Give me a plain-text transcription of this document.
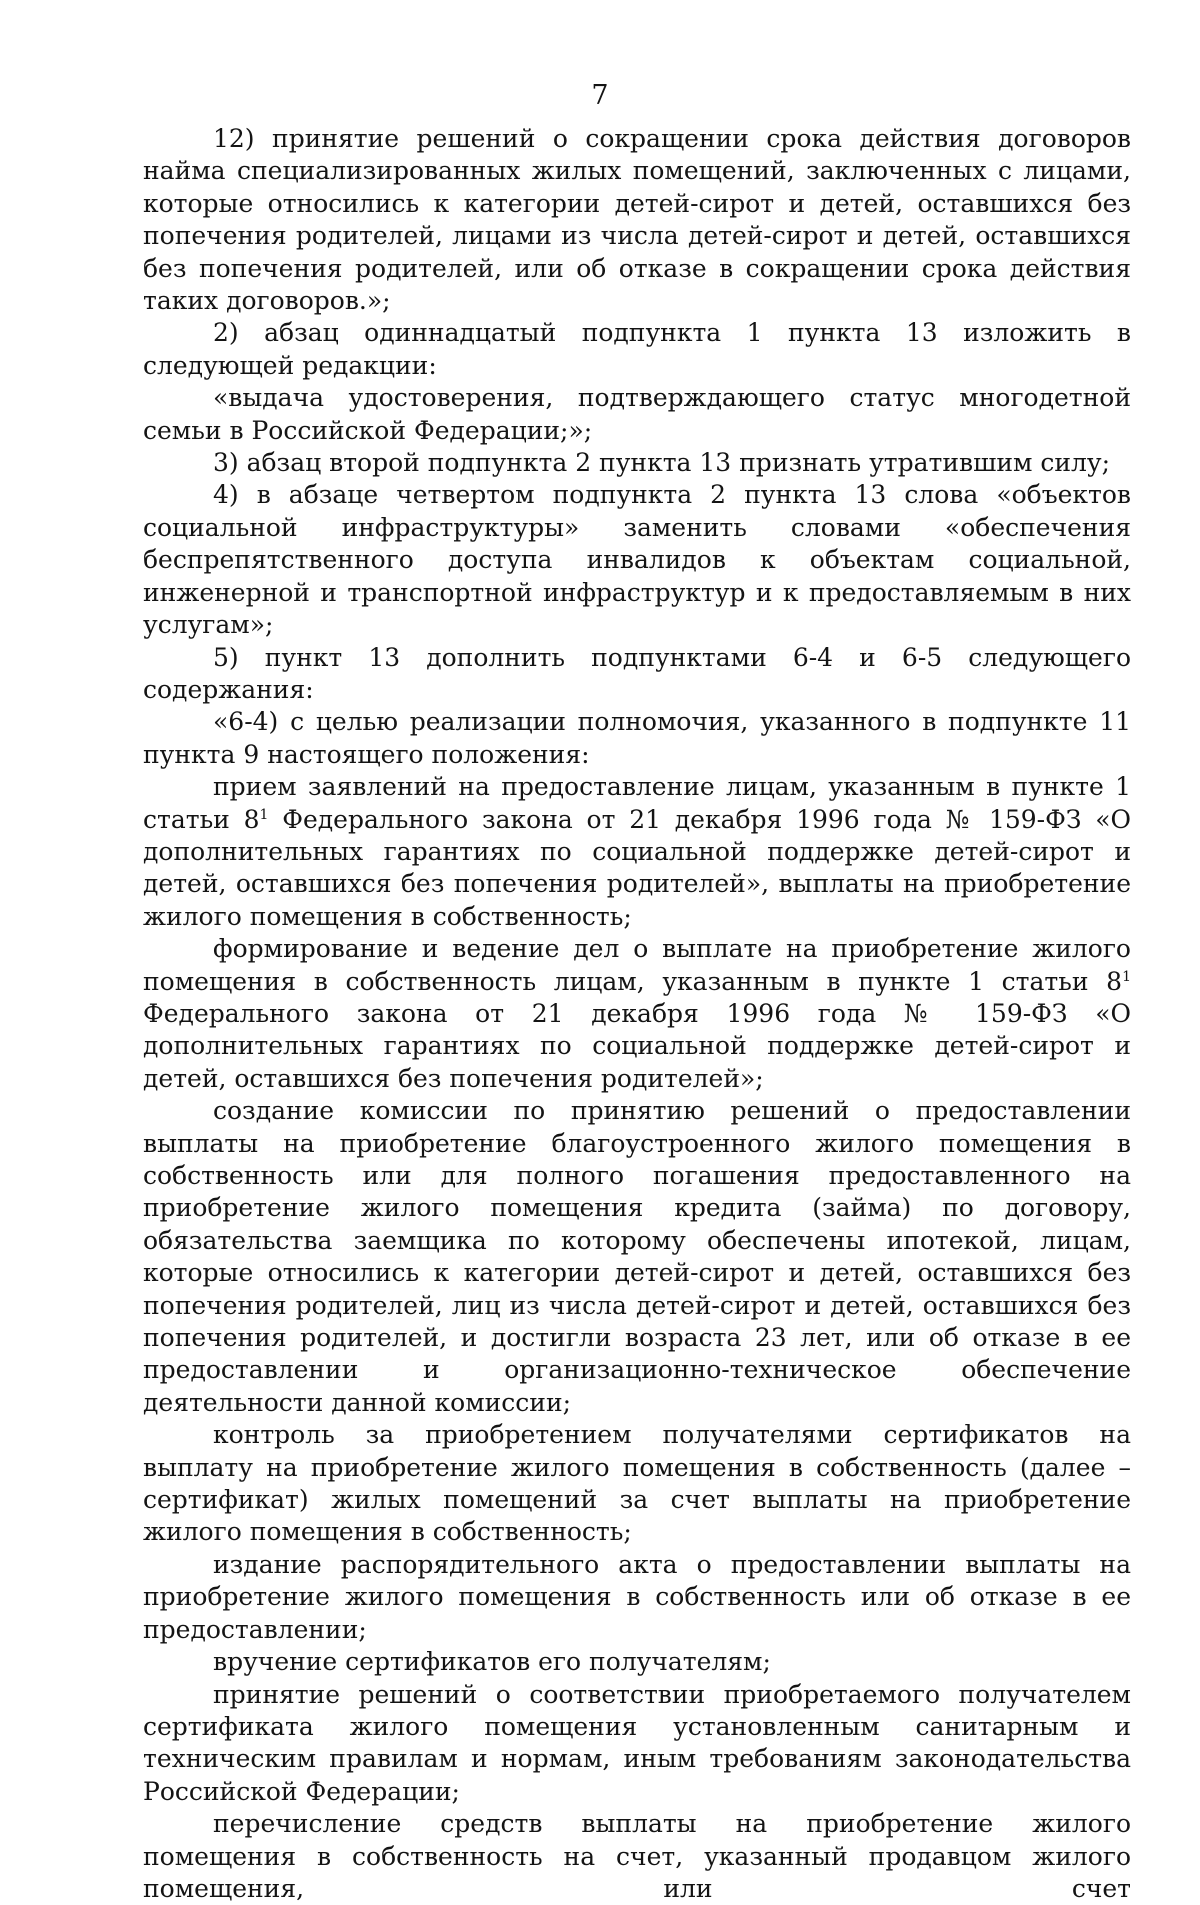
7

12) принятие решений о сокращении срока действия договоров найма специализированных жилых помещений, заключенных с лицами, которые относились к категории детей-сирот и детей, оставшихся без попечения родителей, лицами из числа детей-сирот и детей, оставшихся без попечения родителей, или об отказе в сокращении срока действия таких договоров.»;

2) абзац одиннадцатый подпункта 1 пункта 13 изложить в следующей редакции:

«выдача удостоверения, подтверждающего статус многодетной семьи в Российской Федерации;»;

3) абзац второй подпункта 2 пункта 13 признать утратившим силу;

4) в абзаце четвертом подпункта 2 пункта 13 слова «объектов социальной инфраструктуры» заменить словами «обеспечения беспрепятственного доступа инвалидов к объектам социальной, инженерной и транспортной инфраструктур и к предоставляемым в них услугам»;

5) пункт 13 дополнить подпунктами 6-4 и 6-5 следующего содержания:

«6-4) с целью реализации полномочия, указанного в подпункте 11 пункта 9 настоящего положения:

прием заявлений на предоставление лицам, указанным в пункте 1 статьи $8^1$ Федерального закона от 21 декабря 1996 года № 159-ФЗ «О дополнительных гарантиях по социальной поддержке детей-сирот и детей, оставшихся без попечения родителей», выплаты на приобретение жилого помещения в собственность;

формирование и ведение дел о выплате на приобретение жилого помещения в собственность лицам, указанным в пункте 1 статьи $8^1$ Федерального закона от 21 декабря 1996 года № 159-ФЗ «О дополнительных гарантиях по социальной поддержке детей-сирот и детей, оставшихся без попечения родителей»;

создание комиссии по принятию решений о предоставлении выплаты на приобретение благоустроенного жилого помещения в собственность или для полного погашения предоставленного на приобретение жилого помещения кредита (займа) по договору, обязательства заемщика по которому обеспечены ипотекой, лицам, которые относились к категории детей-сирот и детей, оставшихся без попечения родителей, лиц из числа детей-сирот и детей, оставшихся без попечения родителей, и достигли возраста 23 лет, или об отказе в ее предоставлении и организационно-техническое обеспечение деятельности данной комиссии;

контроль за приобретением получателями сертификатов на выплату на приобретение жилого помещения в собственность (далее – сертификат) жилых помещений за счет выплаты на приобретение жилого помещения в собственность;

издание распорядительного акта о предоставлении выплаты на приобретение жилого помещения в собственность или об отказе в ее предоставлении;

вручение сертификатов его получателям;

принятие решений о соответствии приобретаемого получателем сертификата жилого помещения установленным санитарным и техническим правилам и нормам, иным требованиям законодательства Российской Федерации;

перечисление средств выплаты на приобретение жилого помещения в собственность на счет, указанный продавцом жилого помещения, или счет
